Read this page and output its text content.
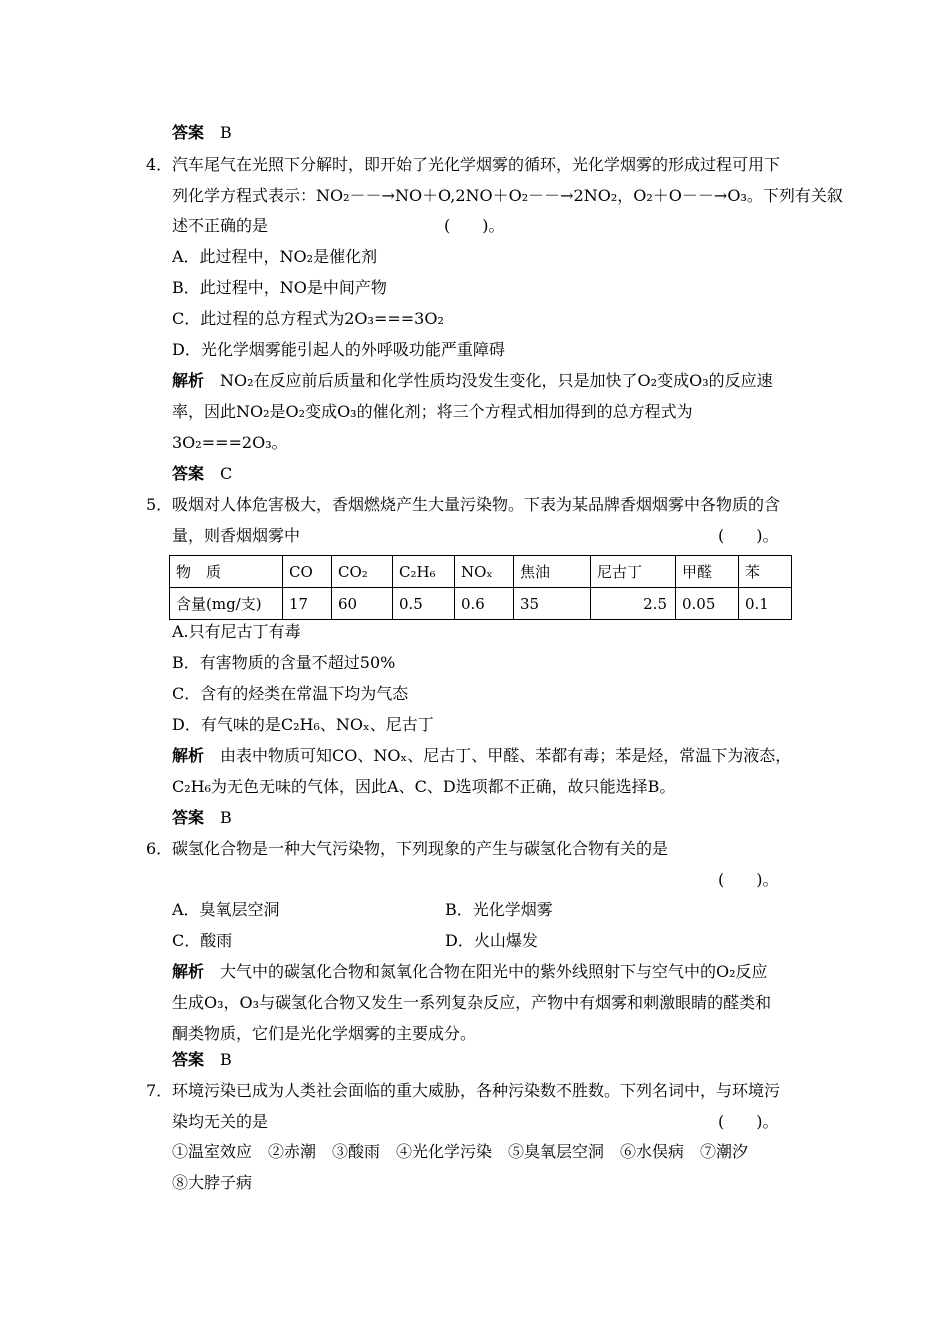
答案 B
4． 汽车尾气在光照下分解时，即开始了光化学烟雾的循环，光化学烟雾的形成过程可用下
列化学方程式表示：NO₂－－→NO＋O,2NO＋O₂－－→2NO₂，O₂＋O－－→O₃。下列有关叙
述不正确的是	(　　)。
A．此过程中，NO₂是催化剂
B．此过程中，NO是中间产物
C．此过程的总方程式为2O₃===3O₂
D．光化学烟雾能引起人的外呼吸功能严重障碍
解析 NO₂在反应前后质量和化学性质均没发生变化，只是加快了O₂变成O₃的反应速
率，因此NO₂是O₂变成O₃的催化剂；将三个方程式相加得到的总方程式为
3O₂===2O₃。
答案 C
5． 吸烟对人体危害极大，香烟燃烧产生大量污染物。下表为某品牌香烟烟雾中各物质的含
量，则香烟烟雾中	(　　)。
物　质	CO	CO₂	C₂H₆	NOₓ	焦油	尼古丁	甲醛	苯
含量(mg/支)	17	60	0.5	0.6	35	2.5	0.05	0.1
A.只有尼古丁有毒
B．有害物质的含量不超过50%
C．含有的烃类在常温下均为气态
D．有气味的是C₂H₆、NOₓ、尼古丁
解析 由表中物质可知CO、NOₓ、尼古丁、甲醛、苯都有毒；苯是烃，常温下为液态，
C₂H₆为无色无味的气体，因此A、C、D选项都不正确，故只能选择B。
答案 B
6． 碳氢化合物是一种大气污染物，下列现象的产生与碳氢化合物有关的是
(　　)。
A．臭氧层空洞	B．光化学烟雾
C．酸雨	D．火山爆发
解析 大气中的碳氢化合物和氮氧化合物在阳光中的紫外线照射下与空气中的O₂反应
生成O₃，O₃与碳氢化合物又发生一系列复杂反应，产物中有烟雾和刺激眼睛的醛类和
酮类物质，它们是光化学烟雾的主要成分。
答案 B
7． 环境污染已成为人类社会面临的重大威胁，各种污染数不胜数。下列名词中，与环境污
染均无关的是	(　　)。
①温室效应　②赤潮　③酸雨　④光化学污染　⑤臭氧层空洞　⑥水俣病　⑦潮汐
⑧大脖子病
